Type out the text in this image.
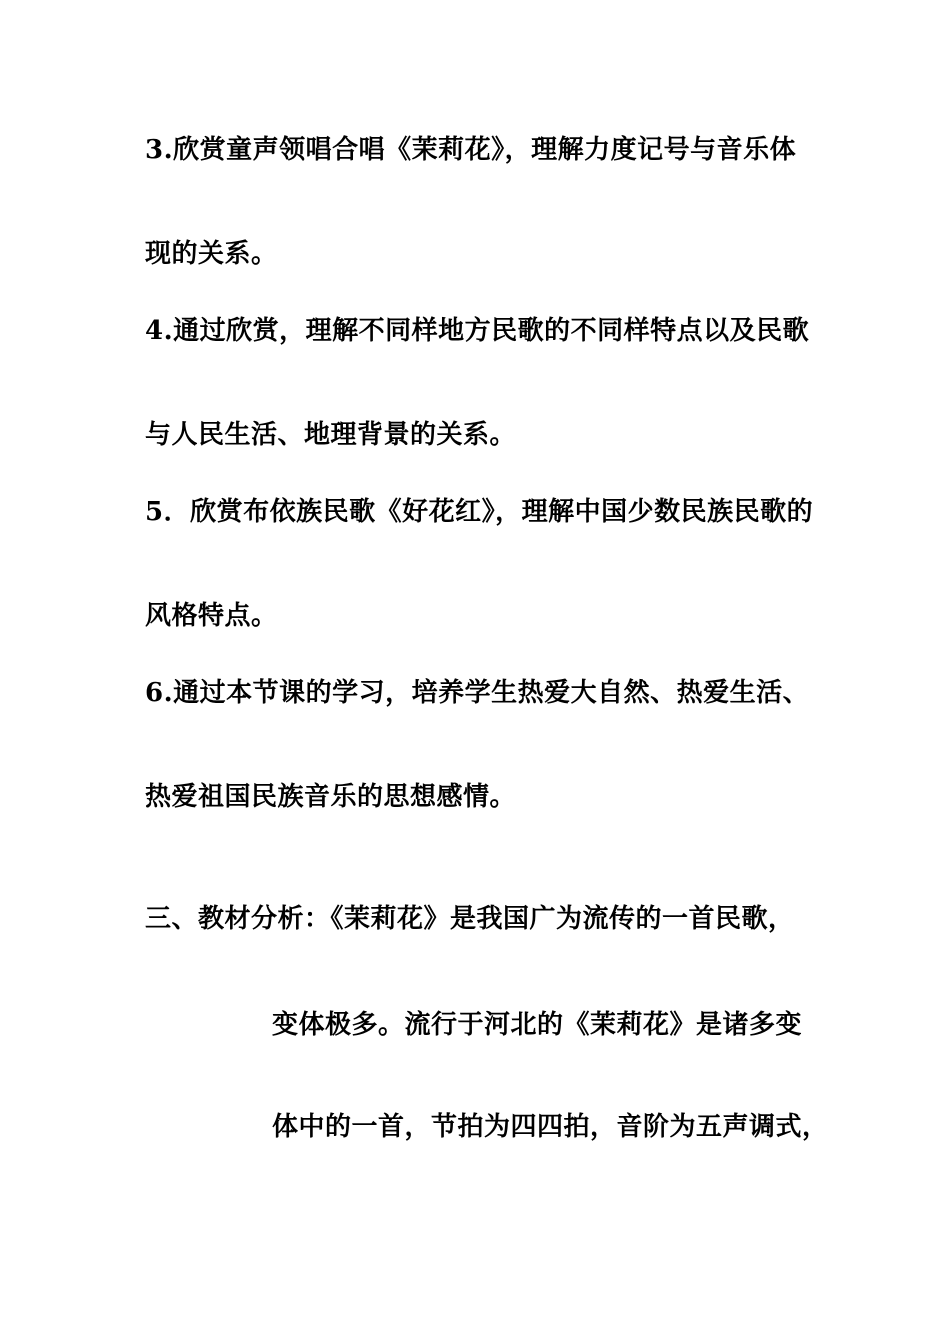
3.欣赏童声领唱合唱《茉莉花》，理解力度记号与音乐体
现的关系。
4.通过欣赏，理解不同样地方民歌的不同样特点以及民歌
与人民生活、地理背景的关系。
5．欣赏布依族民歌《好花红》，理解中国少数民族民歌的
风格特点。
6.通过本节课的学习，培养学生热爱大自然、热爱生活、
热爱祖国民族音乐的思想感情。
三、教材分析：《茉莉花》是我国广为流传的一首民歌，
变体极多。流行于河北的《茉莉花》是诸多变
体中的一首，节拍为四四拍，音阶为五声调式，
